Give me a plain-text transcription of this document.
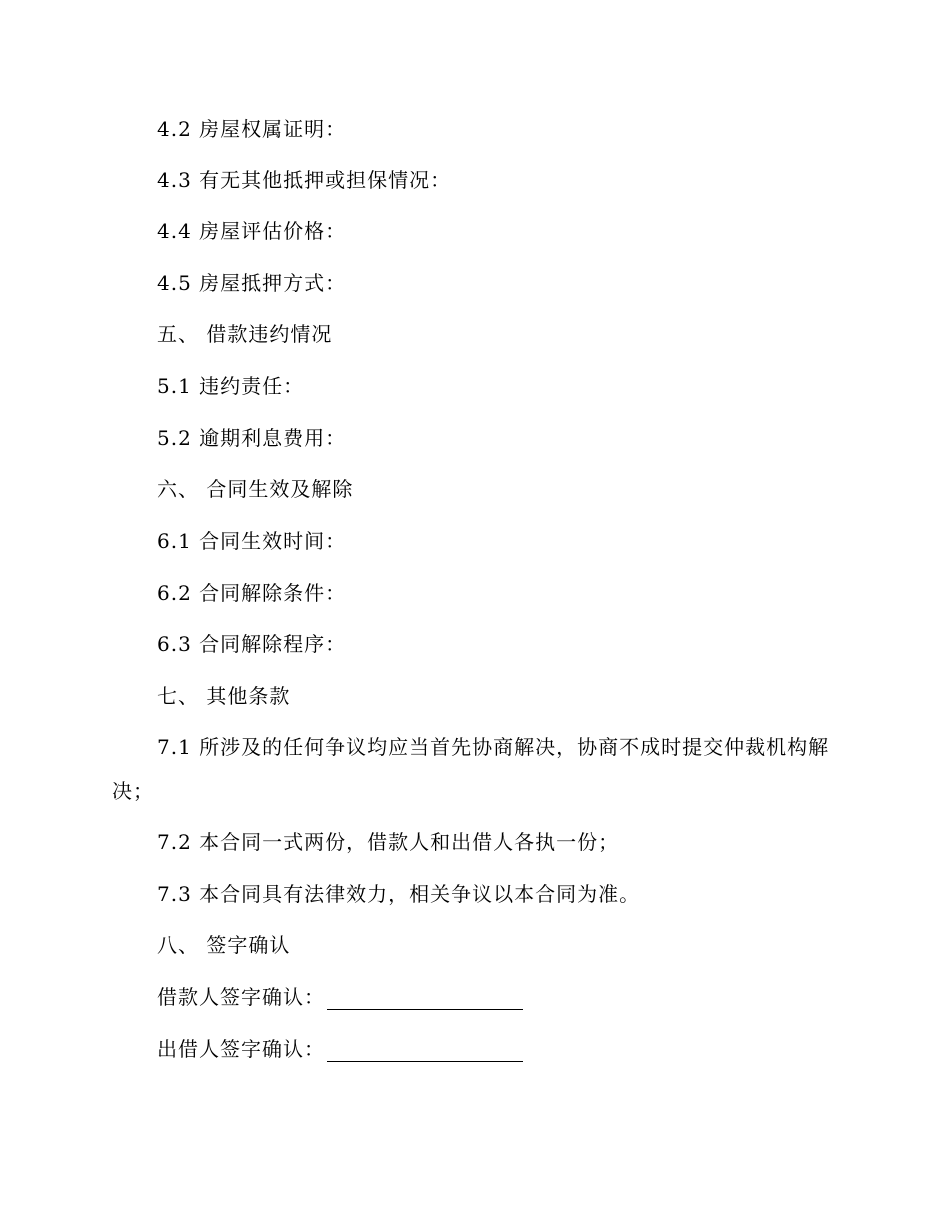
4.2 房屋权属证明：
4.3 有无其他抵押或担保情况：
4.4 房屋评估价格：
4.5 房屋抵押方式：
五、 借款违约情况
5.1 违约责任：
5.2 逾期利息费用：
六、 合同生效及解除
6.1 合同生效时间：
6.2 合同解除条件：
6.3 合同解除程序：
七、 其他条款
7.1 所涉及的任何争议均应当首先协商解决，协商不成时提交仲裁机构解
决；
7.2 本合同一式两份，借款人和出借人各执一份；
7.3 本合同具有法律效力，相关争议以本合同为准。
八、 签字确认
借款人签字确认：
出借人签字确认：
